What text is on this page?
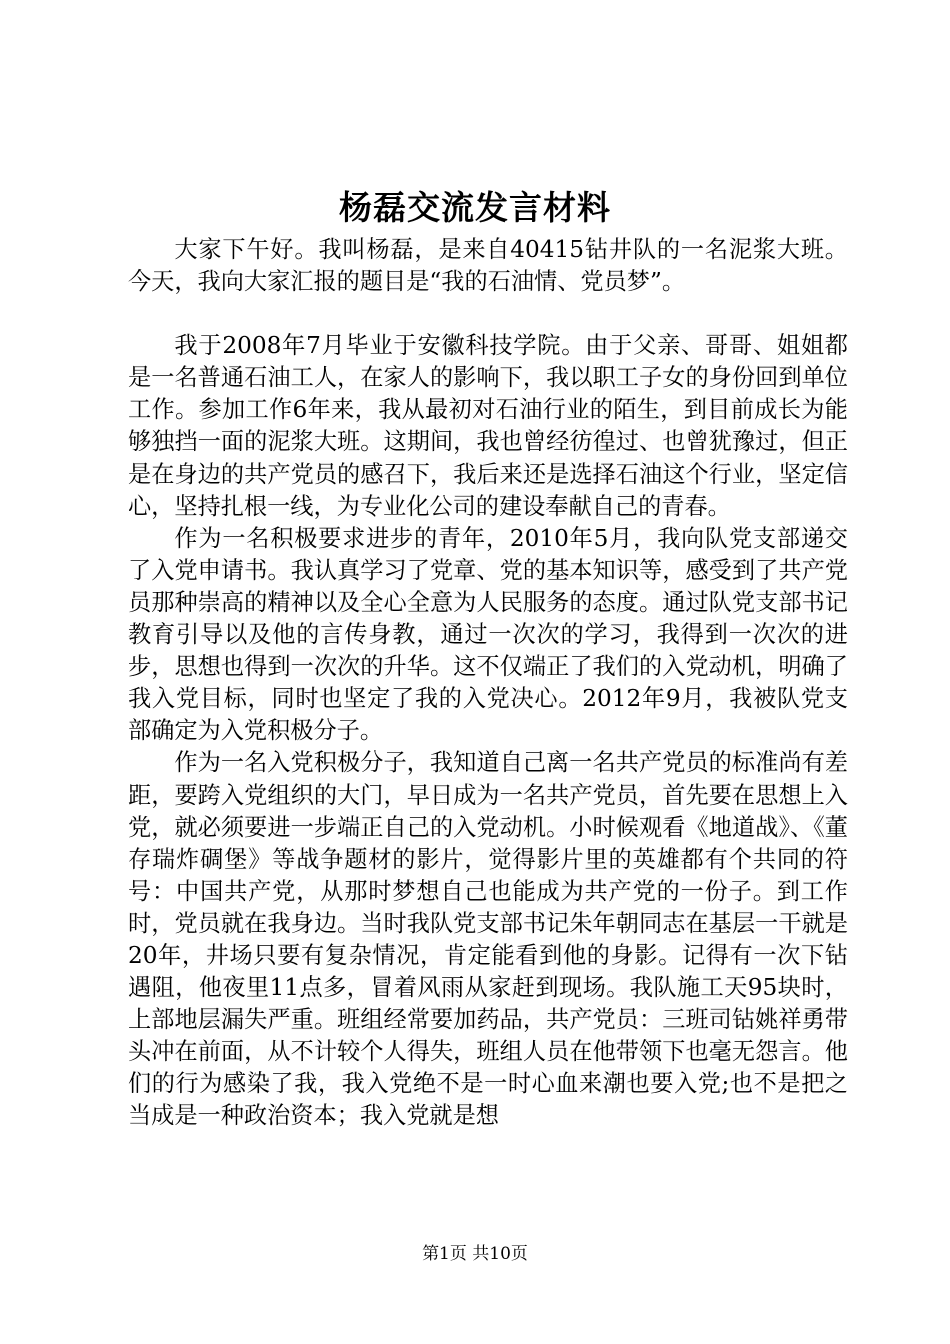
杨磊交流发言材料

大家下午好。我叫杨磊，是来自40415钻井队的一名泥浆大班。今天，我向大家汇报的题目是“我的石油情、党员梦”。

我于2008年7月毕业于安徽科技学院。由于父亲、哥哥、姐姐都是一名普通石油工人，在家人的影响下，我以职工子女的身份回到单位工作。参加工作6年来，我从最初对石油行业的陌生，到目前成长为能够独挡一面的泥浆大班。这期间，我也曾经彷徨过、也曾犹豫过，但正是在身边的共产党员的感召下，我后来还是选择石油这个行业，坚定信心，坚持扎根一线，为专业化公司的建设奉献自己的青春。

作为一名积极要求进步的青年，2010年5月，我向队党支部递交了入党申请书。我认真学习了党章、党的基本知识等，感受到了共产党员那种崇高的精神以及全心全意为人民服务的态度。通过队党支部书记教育引导以及他的言传身教，通过一次次的学习，我得到一次次的进步，思想也得到一次次的升华。这不仅端正了我们的入党动机，明确了我入党目标，同时也坚定了我的入党决心。2012年9月，我被队党支部确定为入党积极分子。

作为一名入党积极分子，我知道自己离一名共产党员的标准尚有差距，要跨入党组织的大门，早日成为一名共产党员，首先要在思想上入党，就必须要进一步端正自己的入党动机。小时候观看《地道战》、《董存瑞炸碉堡》等战争题材的影片，觉得影片里的英雄都有个共同的符号：中国共产党，从那时梦想自己也能成为共产党的一份子。到工作时，党员就在我身边。当时我队党支部书记朱年朝同志在基层一干就是20年，井场只要有复杂情况，肯定能看到他的身影。记得有一次下钻遇阻，他夜里11点多，冒着风雨从家赶到现场。我队施工天95块时，上部地层漏失严重。班组经常要加药品，共产党员：三班司钻姚祥勇带头冲在前面，从不计较个人得失，班组人员在他带领下也毫无怨言。他们的行为感染了我，我入党绝不是一时心血来潮也要入党;也不是把之当成是一种政治资本；我入党就是想

第1页 共10页
